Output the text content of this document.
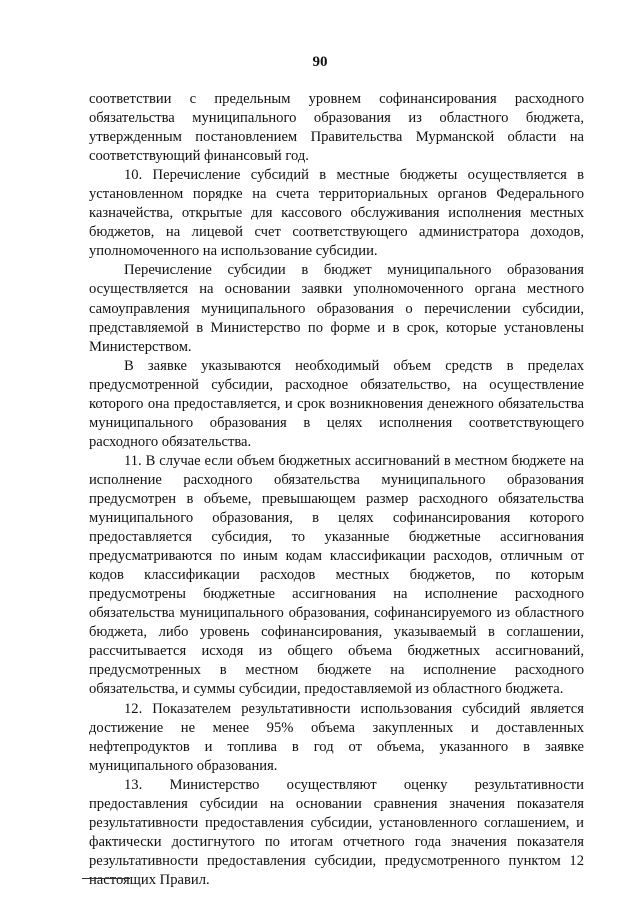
90

соответствии с предельным уровнем софинансирования расходного обязательства муниципального образования из областного бюджета, утвержденным постановлением Правительства Мурманской области на соответствующий финансовый год.

10. Перечисление субсидий в местные бюджеты осуществляется в установленном порядке на счета территориальных органов Федерального казначейства, открытые для кассового обслуживания исполнения местных бюджетов, на лицевой счет соответствующего администратора доходов, уполномоченного на использование субсидии.

Перечисление субсидии в бюджет муниципального образования осуществляется на основании заявки уполномоченного органа местного самоуправления муниципального образования о перечислении субсидии, представляемой в Министерство по форме и в срок, которые установлены Министерством.

В заявке указываются необходимый объем средств в пределах предусмотренной субсидии, расходное обязательство, на осуществление которого она предоставляется, и срок возникновения денежного обязательства муниципального образования в целях исполнения соответствующего расходного обязательства.

11. В случае если объем бюджетных ассигнований в местном бюджете на исполнение расходного обязательства муниципального образования предусмотрен в объеме, превышающем размер расходного обязательства муниципального образования, в целях софинансирования которого предоставляется субсидия, то указанные бюджетные ассигнования предусматриваются по иным кодам классификации расходов, отличным от кодов классификации расходов местных бюджетов, по которым предусмотрены бюджетные ассигнования на исполнение расходного обязательства муниципального образования, софинансируемого из областного бюджета, либо уровень софинансирования, указываемый в соглашении, рассчитывается исходя из общего объема бюджетных ассигнований, предусмотренных в местном бюджете на исполнение расходного обязательства, и суммы субсидии, предоставляемой из областного бюджета.

12. Показателем результативности использования субсидий является достижение не менее 95% объема закупленных и доставленных нефтепродуктов и топлива в год от объема, указанного в заявке муниципального образования.

13. Министерство осуществляют оценку результативности предоставления субсидии на основании сравнения значения показателя результативности предоставления субсидии, установленного соглашением, и фактически достигнутого по итогам отчетного года значения показателя результативности предоставления субсидии, предусмотренного пунктом 12 настоящих Правил.
